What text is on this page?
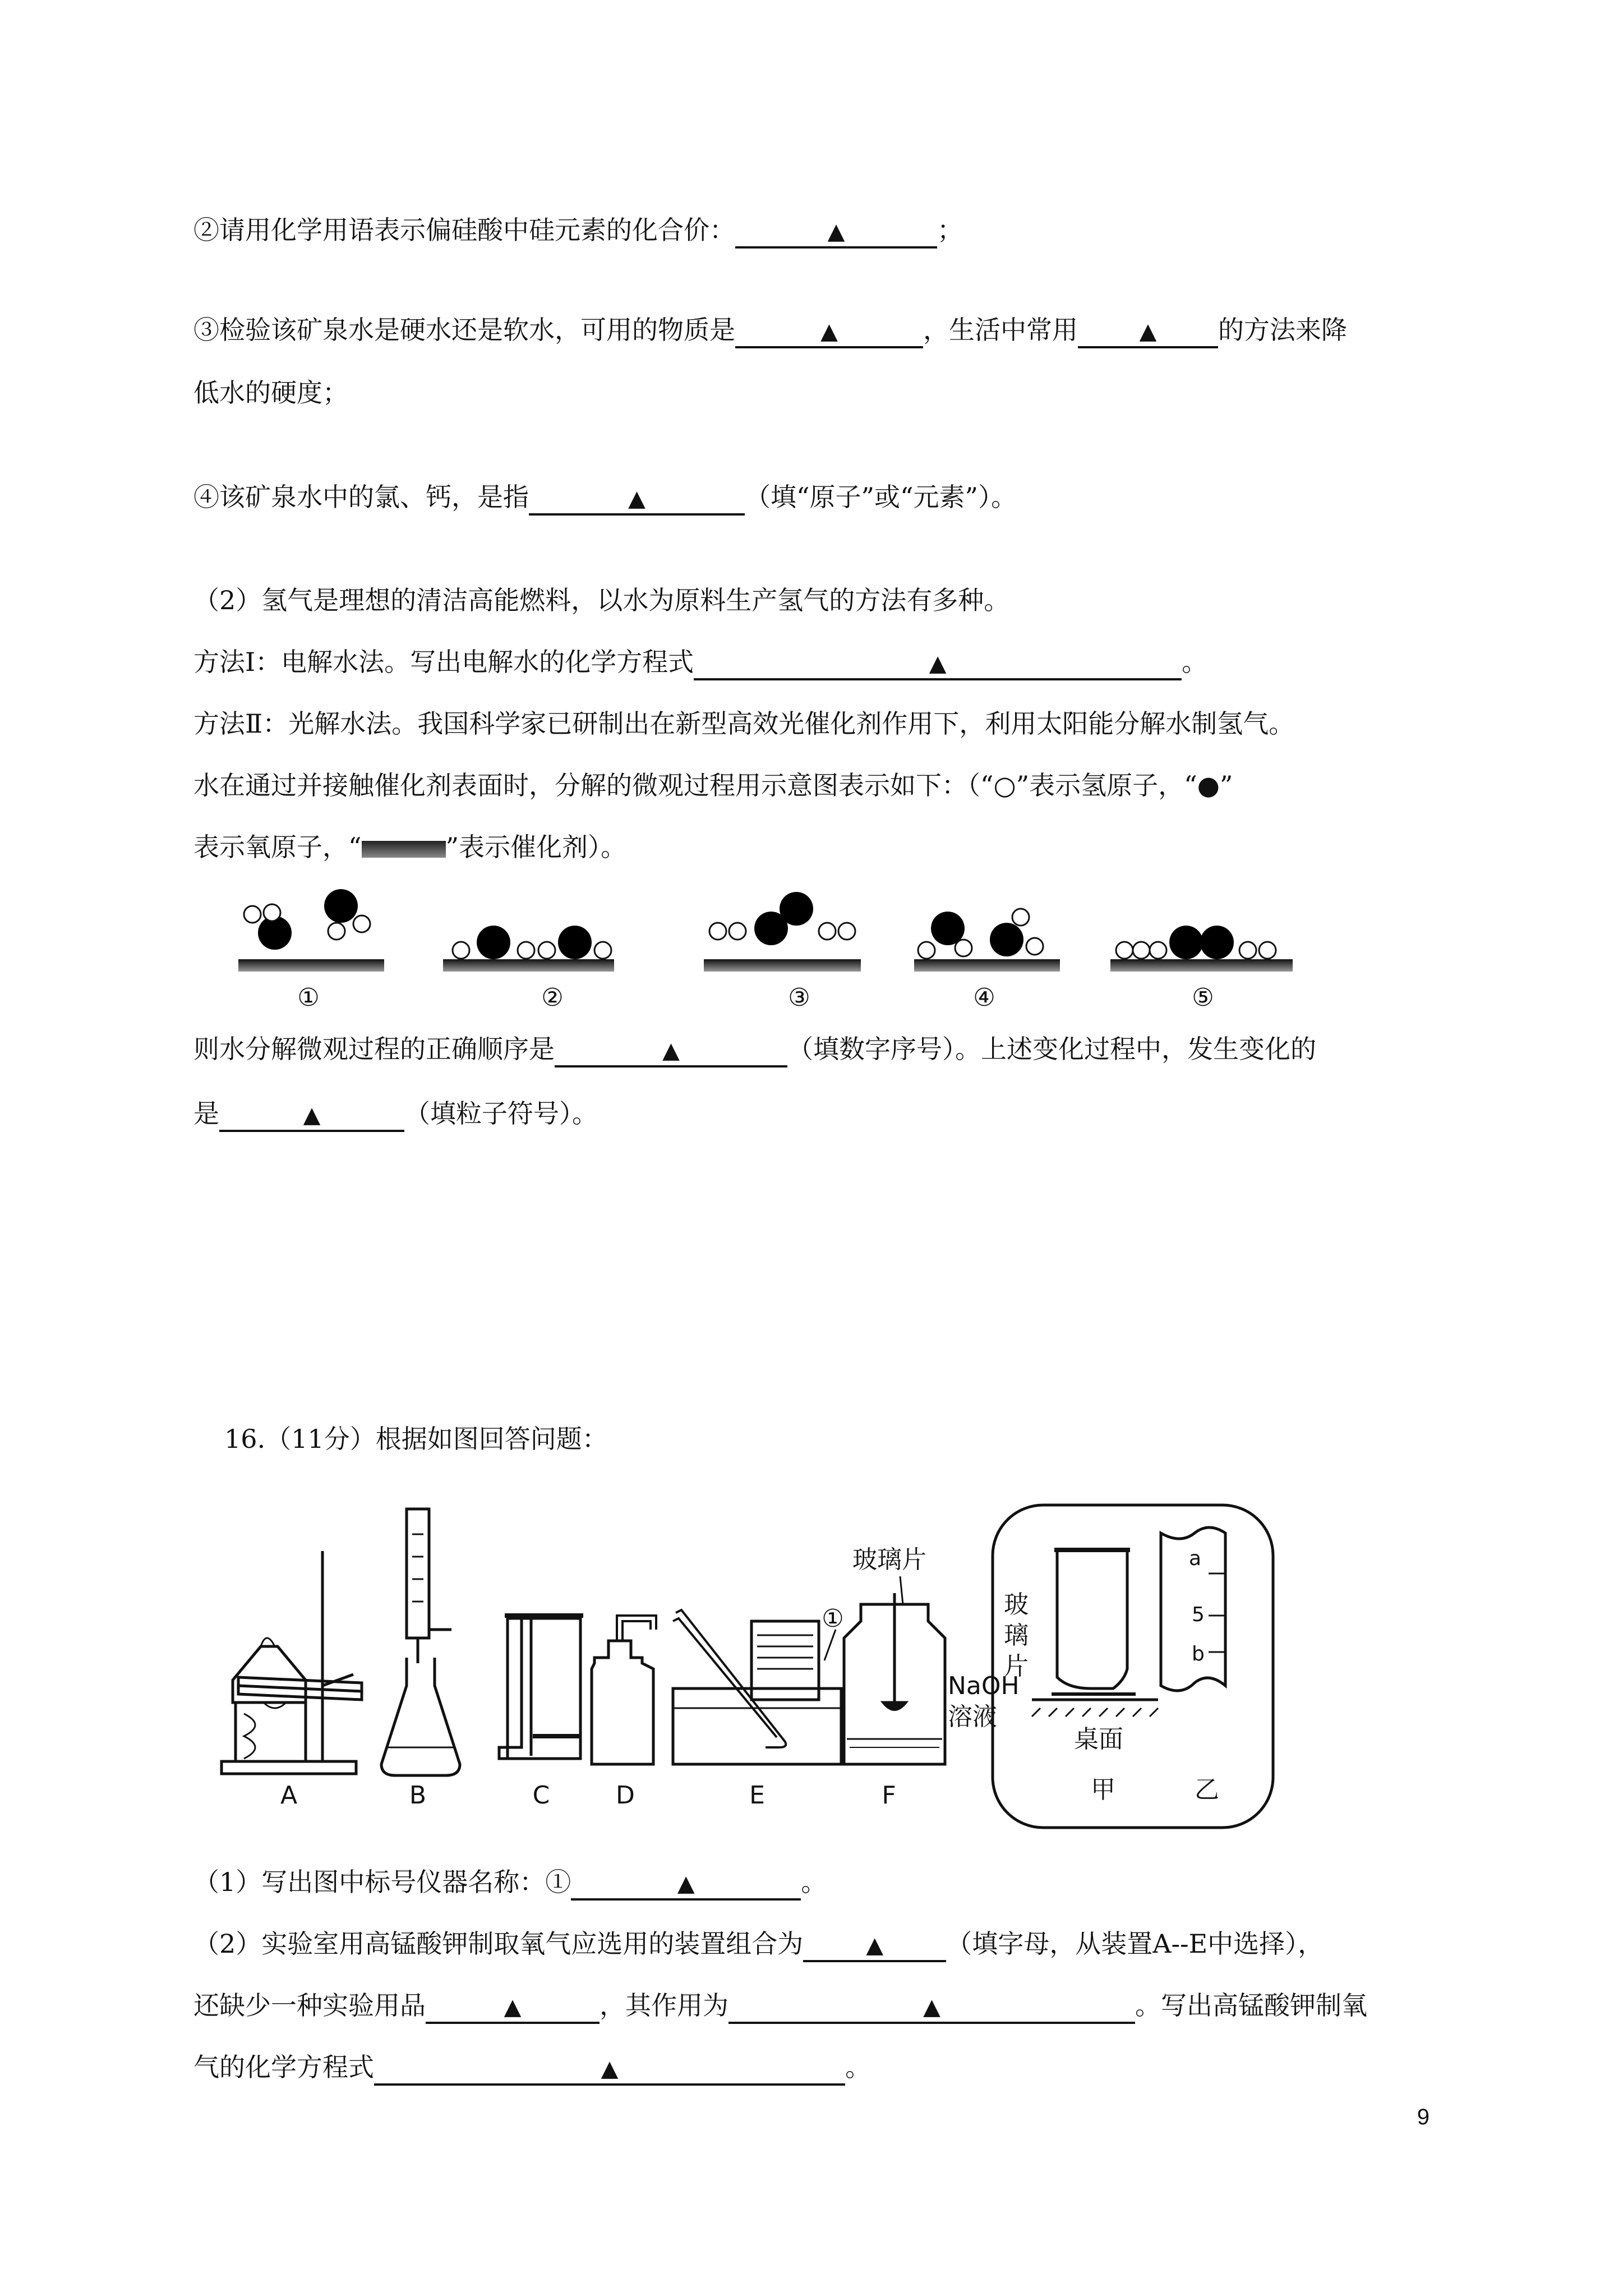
②请用化学用语表示偏硅酸中硅元素的化合价：	▲	；
③检验该矿泉水是硬水还是软水，可用的物质是	▲	，生活中常用	▲ 的方法来降
低水的硬度；
④该矿泉水中的氯、钙，是指	▲	（填“原子”或“元素”）。
（2）氢气是理想的清洁高能燃料，以水为原料生产氢气的方法有多种。
方法Ⅰ：电解水法。写出电解水的化学方程式	▲	。
方法Ⅱ：光解水法。我国科学家已研制出在新型高效光催化剂作用下，利用太阳能分解水制氢气。
水在通过并接触催化剂表面时，分解的微观过程用示意图表示如下：（“○”表示氢原子，“●”
表示氧原子，“	”表示催化剂）。
①	②	③	④	⑤
则水分解微观过程的正确顺序是	▲	（填数字序号）。上述变化过程中，发生变化的
是	▲	（填粒子符号）。
16.（11分）根据如图回答问题：
A	B	C	D
①
E
玻璃片
NaOH
溶液
F
玻
璃
片
桌面
甲
a
5
b
乙
（1）写出图中标号仪器名称：①	▲	。
（2）实验室用高锰酸钾制取氧气应选用的装置组合为	▲ （填字母，从装置A--E中选择），
还缺少一种实验用品	▲	，其作用为	▲	。写出高锰酸钾制氧
气的化学方程式	▲	。
9
